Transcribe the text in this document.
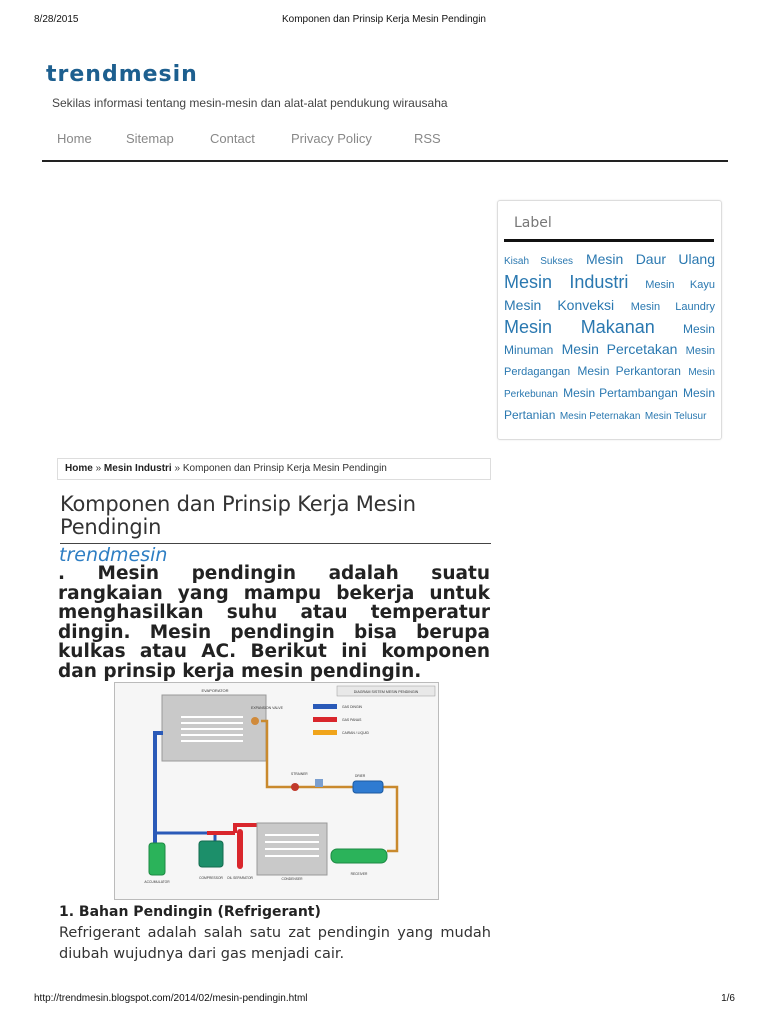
8/28/2015	Komponen dan Prinsip Kerja Mesin Pendingin
trendmesin
Sekilas informasi tentang mesin-mesin dan alat-alat pendukung wirausaha
Home	Sitemap	Contact	Privacy Policy	RSS
Label
Kisah Sukses Mesin Daur Ulang Mesin Industri Mesin Kayu Mesin Konveksi Mesin Laundry Mesin Makanan Mesin Minuman Mesin Percetakan Mesin Perdagangan Mesin Perkantoran Mesin Perkebunan Mesin Pertambangan Mesin Pertanian Mesin Peternakan Mesin Telusur
Home » Mesin Industri » Komponen dan Prinsip Kerja Mesin Pendingin
Komponen dan Prinsip Kerja Mesin Pendingin
trendmesin
. Mesin pendingin adalah suatu rangkaian yang mampu bekerja untuk menghasilkan suhu atau temperatur dingin. Mesin pendingin bisa berupa kulkas atau AC. Berikut ini komponen dan prinsip kerja mesin pendingin.
EVAPORATOR
EXPANSION VALVE
DIAGRAM SISTEM MESIN PENDINGIN
GAS DINGIN
GAS PANAS
CAIRAN / LIQUID
STRAINER	DRIER
CONDENSER
RECEIVER
COMPRESSOR OIL SEPARATOR
ACCUMULATOR
1. Bahan Pendingin (Refrigerant)
Refrigerant adalah salah satu zat pendingin yang mudah diubah wujudnya dari gas menjadi cair.
http://trendmesin.blogspot.com/2014/02/mesin-pendingin.html	1/6
